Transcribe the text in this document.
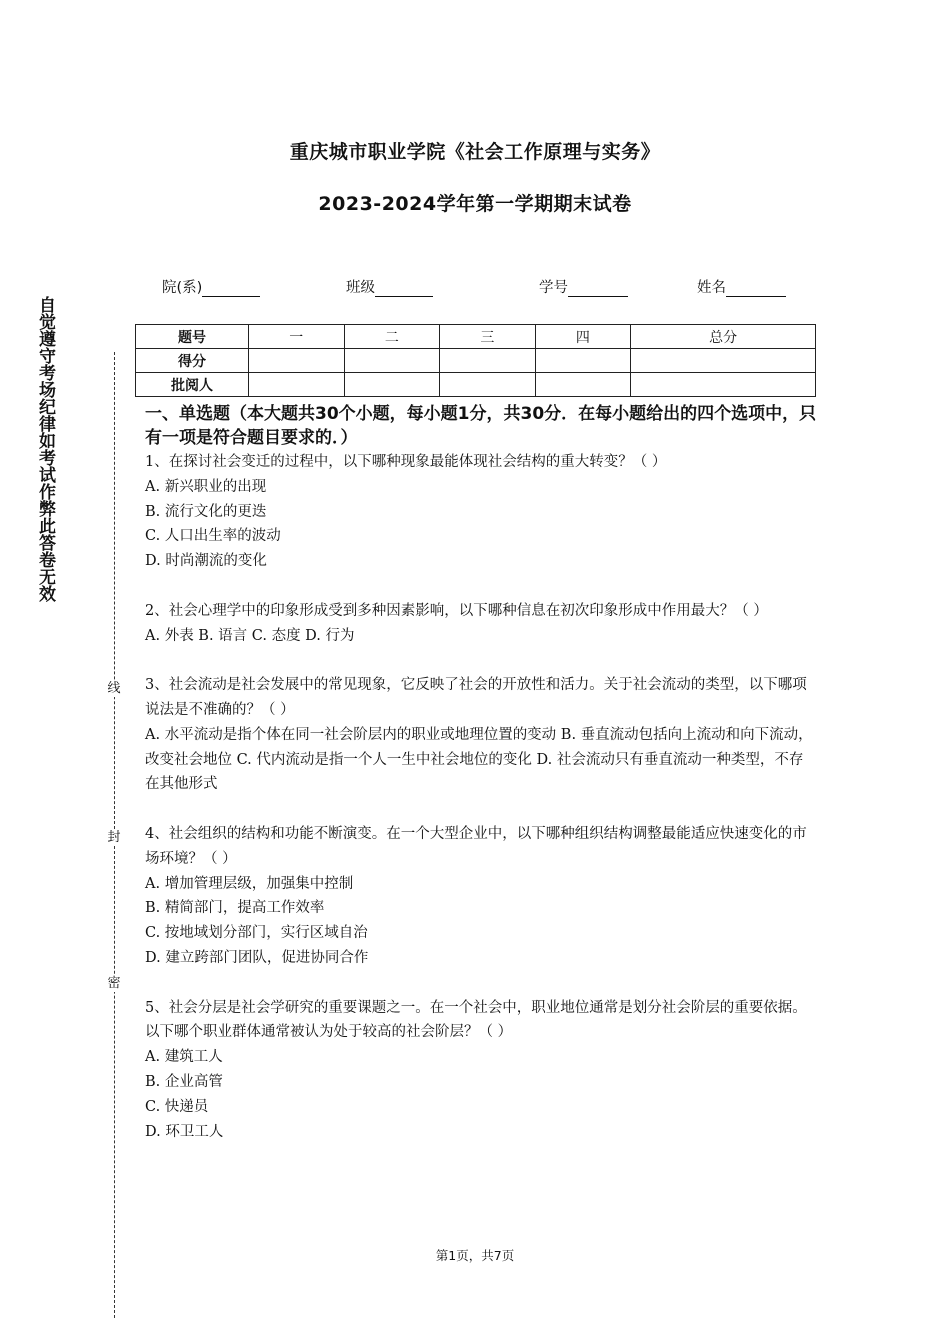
重庆城市职业学院《社会工作原理与实务》
2023-2024学年第一学期期末试卷
院(系)	班级	学号	姓名
题号	一	二	三	四	总分
得分					
批阅人					
自觉遵守考场纪律如考试作弊此答卷无效
线
封
密

一、单选题（本大题共30个小题，每小题1分，共30分．在每小题给出的四个选项中，只有一项是符合题目要求的．）

1、在探讨社会变迁的过程中，以下哪种现象最能体现社会结构的重大转变？（ ）

A. 新兴职业的出现

B. 流行文化的更迭

C. 人口出生率的波动

D. 时尚潮流的变化

2、社会心理学中的印象形成受到多种因素影响，以下哪种信息在初次印象形成中作用最大？（ ）

A. 外表 B. 语言 C. 态度 D. 行为

3、社会流动是社会发展中的常见现象，它反映了社会的开放性和活力。关于社会流动的类型，以下哪项说法是不准确的？（ ）

A. 水平流动是指个体在同一社会阶层内的职业或地理位置的变动 B. 垂直流动包括向上流动和向下流动，改变社会地位 C. 代内流动是指一个人一生中社会地位的变化 D. 社会流动只有垂直流动一种类型，不存在其他形式

4、社会组织的结构和功能不断演变。在一个大型企业中，以下哪种组织结构调整最能适应快速变化的市场环境？（ ）

A. 增加管理层级，加强集中控制

B. 精简部门，提高工作效率

C. 按地域划分部门，实行区域自治

D. 建立跨部门团队，促进协同合作

5、社会分层是社会学研究的重要课题之一。在一个社会中，职业地位通常是划分社会阶层的重要依据。以下哪个职业群体通常被认为处于较高的社会阶层？（ ）

A. 建筑工人

B. 企业高管

C. 快递员

D. 环卫工人

第1页，共7页
